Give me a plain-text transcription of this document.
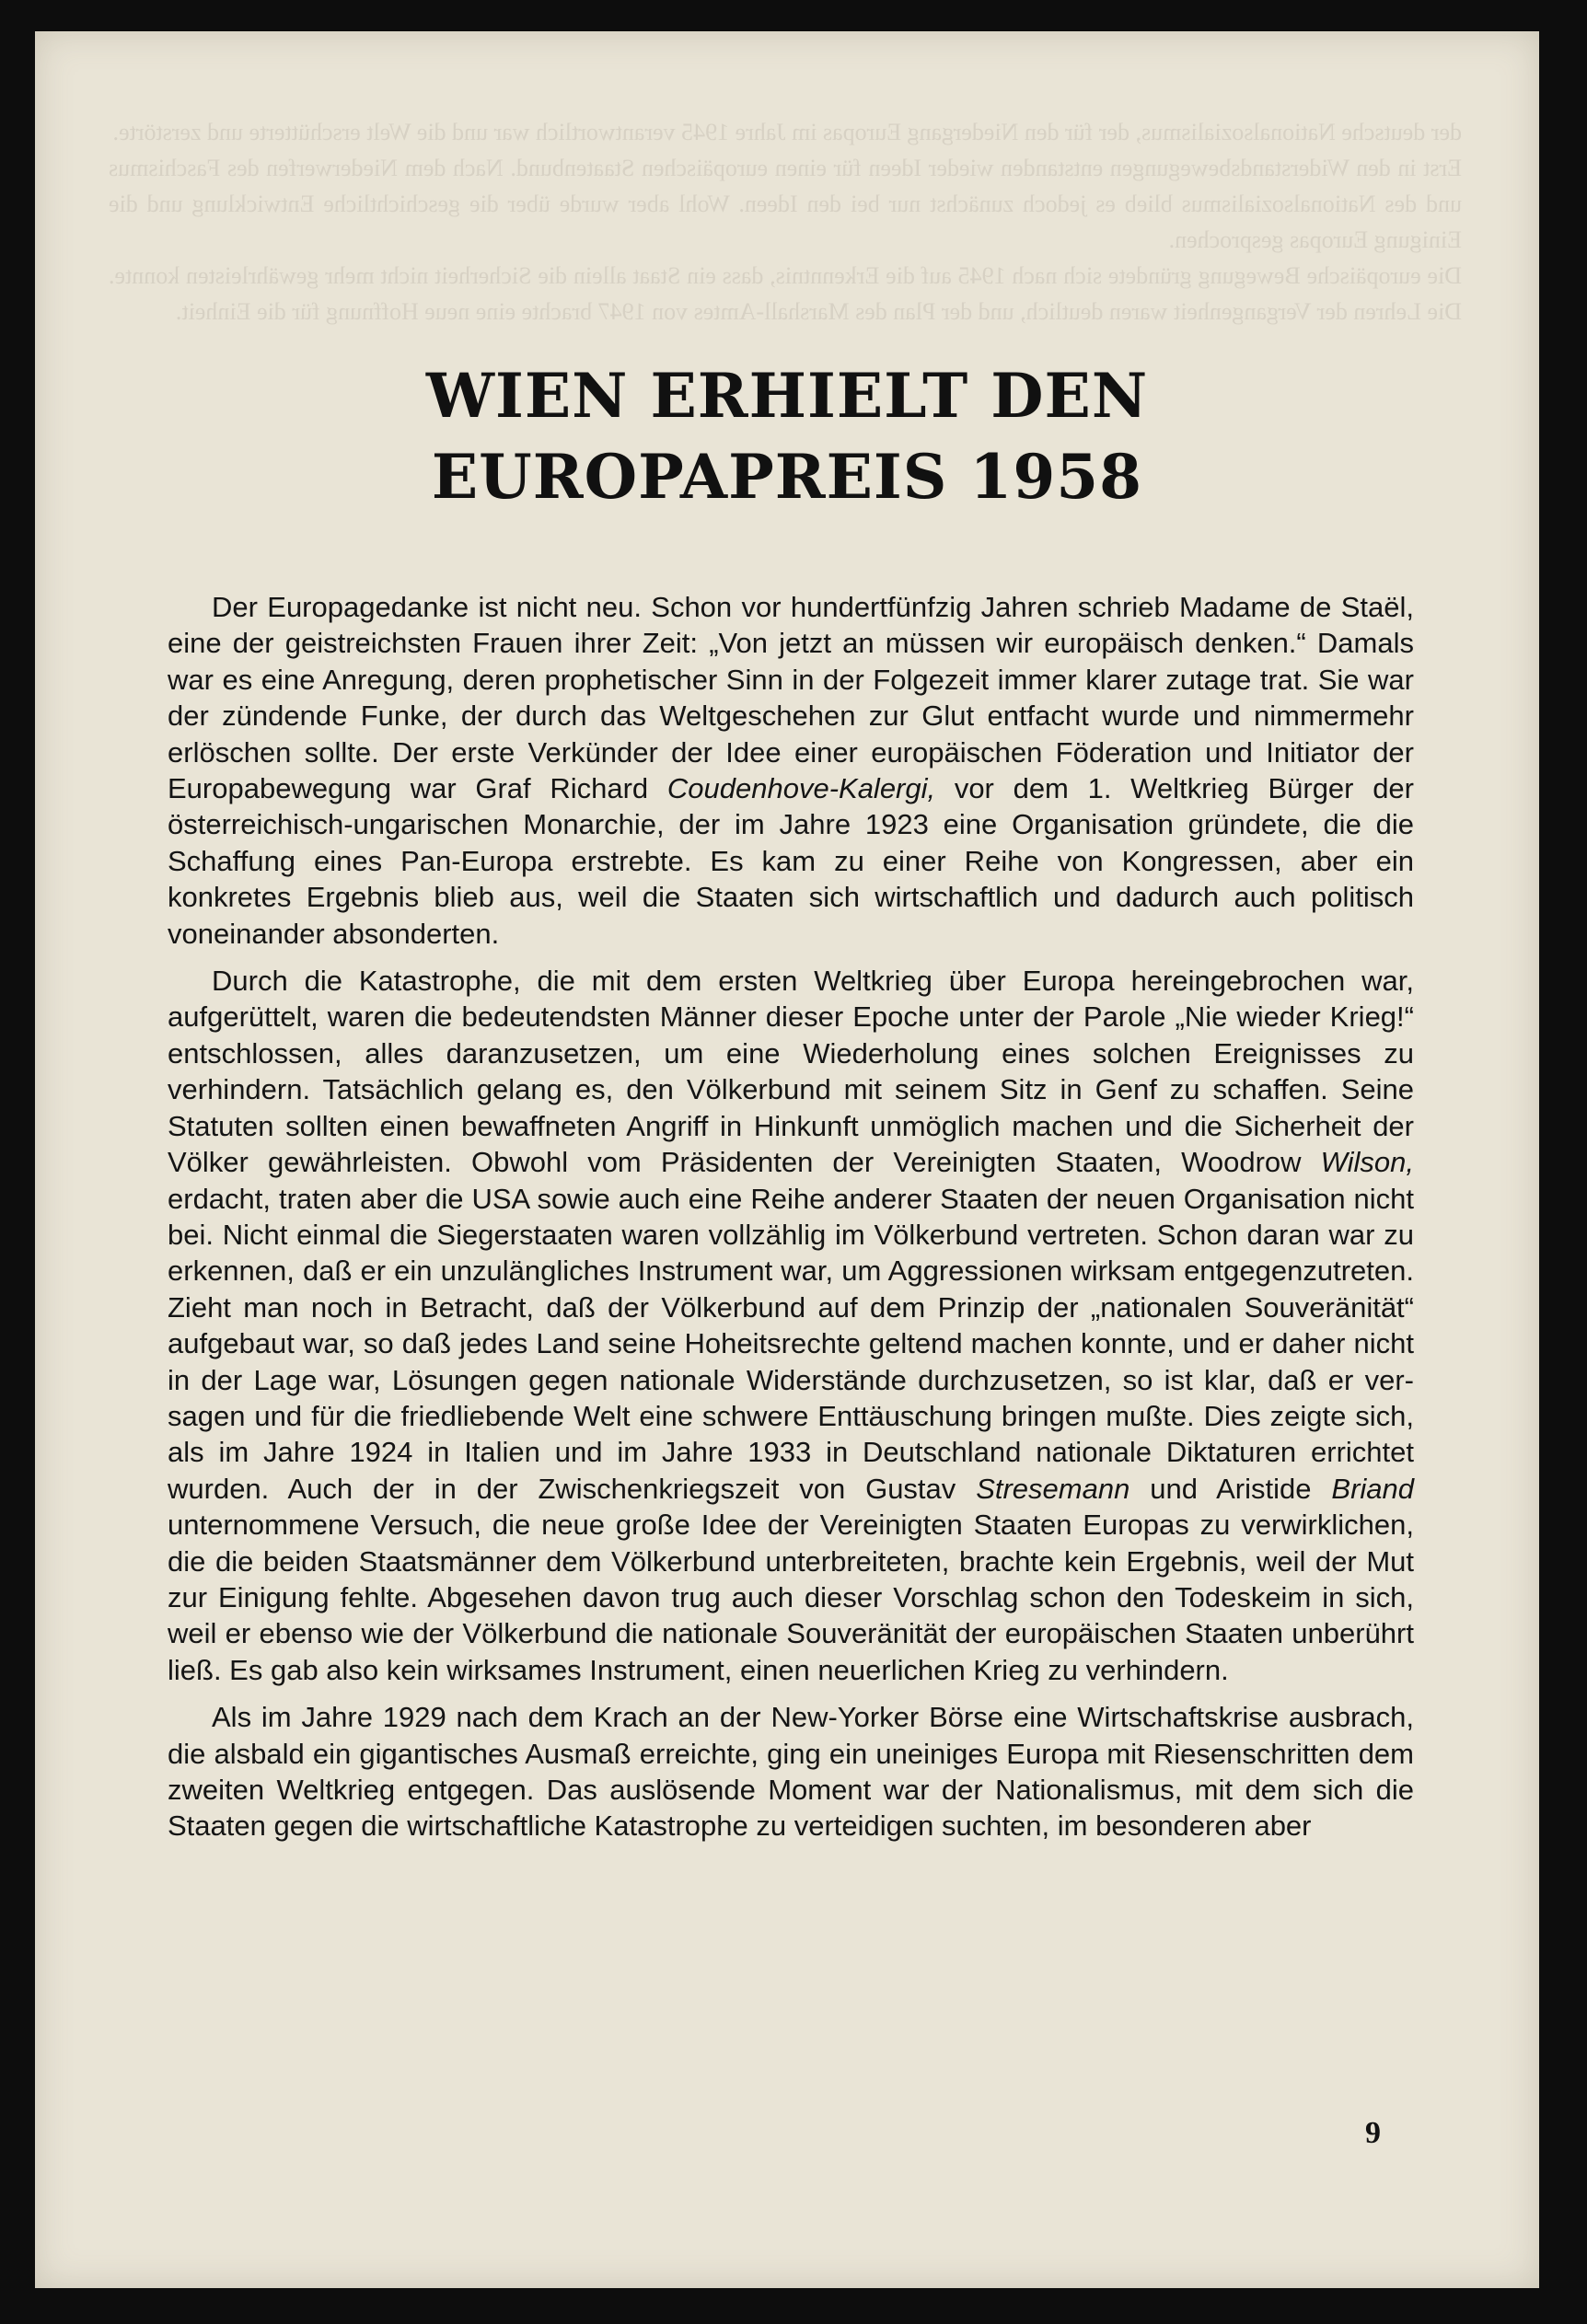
der deutsche Nationalsozialismus, der für den Niedergang Europas im Jahre 1945 verantwortlich war und die Welt erschütterte und zerstörte.

Erst in den Widerstandsbewegungen entstanden wieder Ideen für einen europäischen Staatenbund. Nach dem Niederwerfen des Faschismus und des Nationalsozialismus blieb es jedoch zunächst nur bei den Ideen. Wohl aber wurde über die geschichtliche Entwicklung und die Einigung Europas gesprochen.

Die europäische Bewegung gründete sich nach 1945 auf die Erkenntnis, dass ein Staat allein die Sicherheit nicht mehr gewährleisten konnte. Die Lehren der Vergangenheit waren deutlich, und der Plan des Marshall-Amtes von 1947 brachte eine neue Hoffnung für die Einheit.

WIEN ERHIELT DEN
EUROPAPREIS 1958

Der Europagedanke ist nicht neu. Schon vor hundertfünfzig Jahren schrieb Madame de Staël, eine der geistreichsten Frauen ihrer Zeit: „Von jetzt an müssen wir europäisch denken.“ Damals war es eine Anregung, deren prophetischer Sinn in der Folgezeit immer klarer zutage trat. Sie war der zündende Funke, der durch das Weltgeschehen zur Glut entfacht wurde und nimmermehr erlöschen sollte. Der erste Verkünder der Idee einer europäischen Föderation und Initiator der Europabewegung war Graf Richard Coudenhove-Kalergi, vor dem 1. Weltkrieg Bürger der österreichisch-ungarischen Monarchie, der im Jahre 1923 eine Organisation gründete, die die Schaffung eines Pan-Europa erstrebte. Es kam zu einer Reihe von Kongressen, aber ein konkretes Ergebnis blieb aus, weil die Staaten sich wirtschaftlich und dadurch auch politisch voneinander absonderten.

Durch die Katastrophe, die mit dem ersten Weltkrieg über Europa hereingebrochen war, aufgerüttelt, waren die bedeutendsten Männer dieser Epoche unter der Parole „Nie wieder Krieg!“ entschlossen, alles daranzusetzen, um eine Wiederholung eines solchen Ereignisses zu verhindern. Tatsächlich gelang es, den Völkerbund mit seinem Sitz in Genf zu schaffen. Seine Statuten sollten einen bewaffneten Angriff in Hinkunft unmöglich machen und die Sicherheit der Völker gewährleisten. Obwohl vom Präsidenten der Vereinigten Staaten, Woodrow Wilson, erdacht, traten aber die USA sowie auch eine Reihe anderer Staaten der neuen Organisation nicht bei. Nicht einmal die Siegerstaaten waren vollzählig im Völkerbund vertreten. Schon daran war zu erkennen, daß er ein unzulängliches Instrument war, um Aggressionen wirksam entgegenzutreten. Zieht man noch in Betracht, daß der Völkerbund auf dem Prinzip der „nationalen Souveränität“ aufgebaut war, so daß jedes Land seine Hoheitsrechte geltend machen konnte, und er daher nicht in der Lage war, Lösungen gegen nationale Widerstände durchzusetzen, so ist klar, daß er versagen und für die friedliebende Welt eine schwere Enttäuschung bringen mußte. Dies zeigte sich, als im Jahre 1924 in Italien und im Jahre 1933 in Deutschland nationale Diktaturen errichtet wurden. Auch der in der Zwischenkriegszeit von Gustav Stresemann und Aristide Briand unternommene Versuch, die neue große Idee der Vereinigten Staaten Europas zu verwirklichen, die die beiden Staatsmänner dem Völkerbund unterbreiteten, brachte kein Ergebnis, weil der Mut zur Einigung fehlte. Abgesehen davon trug auch dieser Vorschlag schon den Todeskeim in sich, weil er ebenso wie der Völkerbund die nationale Souveränität der europäischen Staaten unberührt ließ. Es gab also kein wirksames Instrument, einen neuerlichen Krieg zu verhindern.

Als im Jahre 1929 nach dem Krach an der New-Yorker Börse eine Wirtschaftskrise ausbrach, die alsbald ein gigantisches Ausmaß erreichte, ging ein uneiniges Europa mit Riesenschritten dem zweiten Weltkrieg entgegen. Das auslösende Moment war der Nationalismus, mit dem sich die Staaten gegen die wirtschaftliche Katastrophe zu verteidigen suchten, im besonderen aber

9
